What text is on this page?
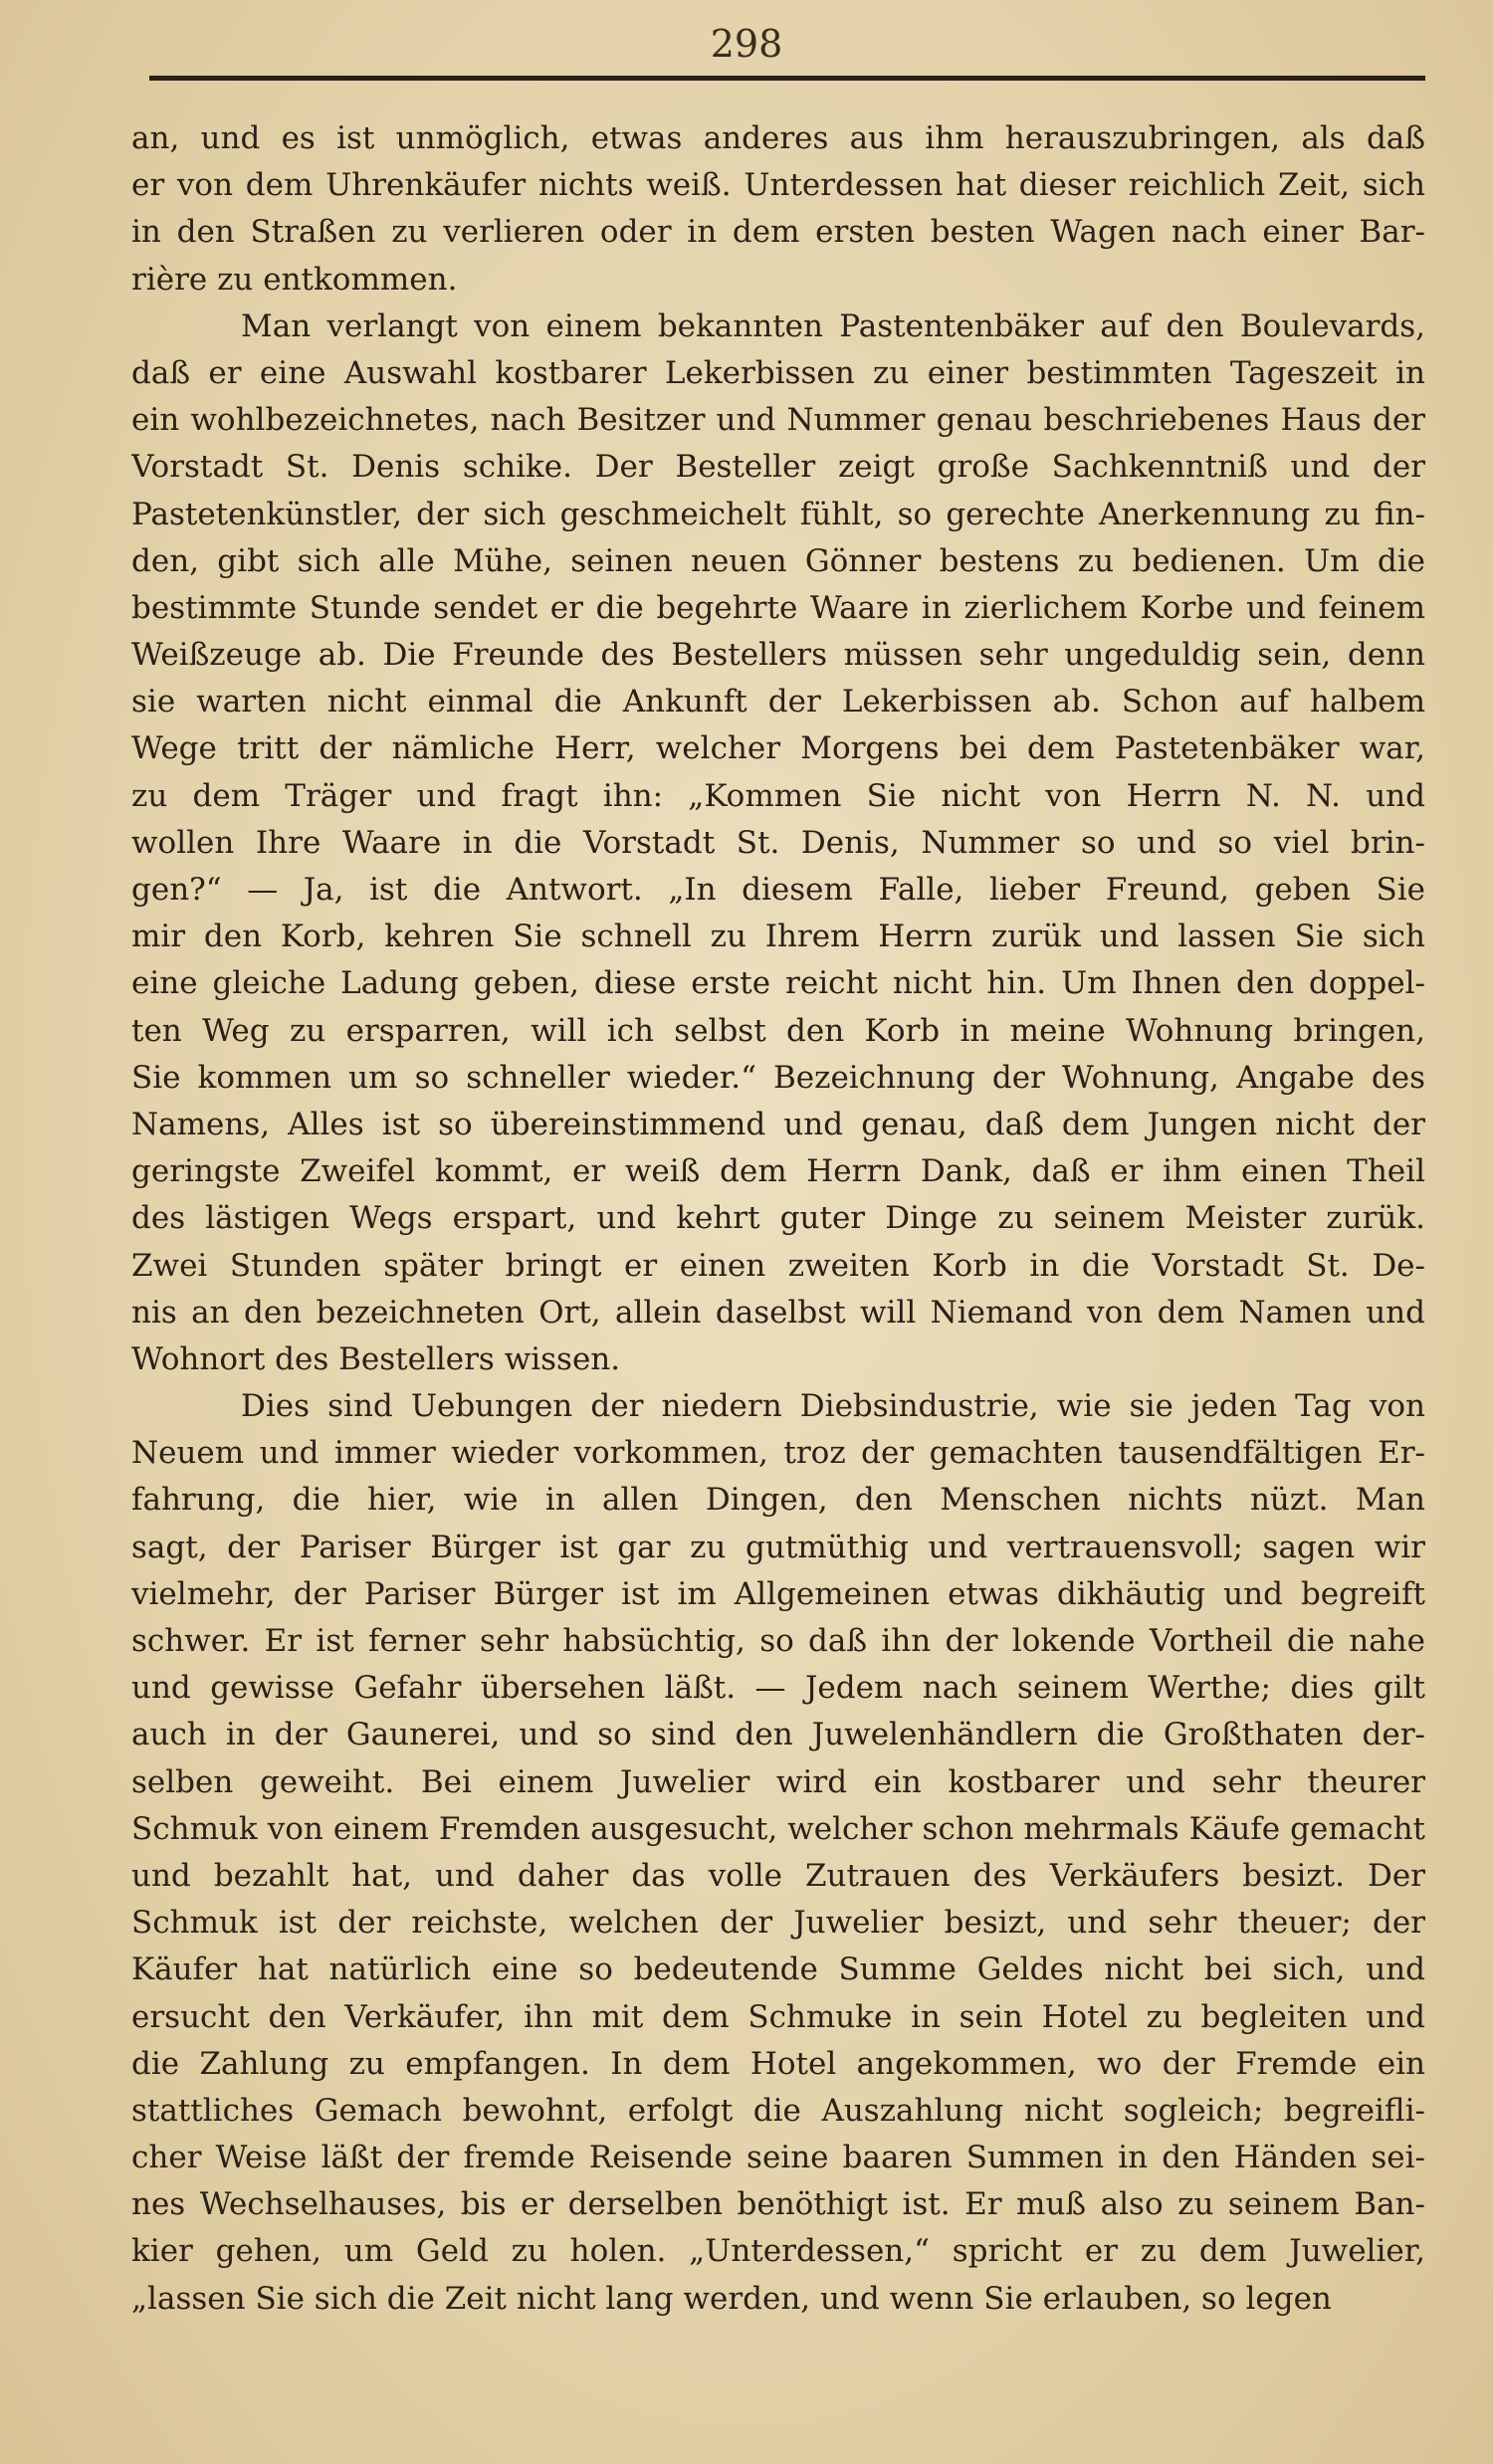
298
an, und es ist unmöglich, etwas anderes aus ihm herauszubringen, als daß
er von dem Uhrenkäufer nichts weiß. Unterdessen hat dieser reichlich Zeit, sich
in den Straßen zu verlieren oder in dem ersten besten Wagen nach einer Bar-
rière zu entkommen.
Man verlangt von einem bekannten Pastentenbäker auf den Boulevards,
daß er eine Auswahl kostbarer Lekerbissen zu einer bestimmten Tageszeit in
ein wohlbezeichnetes, nach Besitzer und Nummer genau beschriebenes Haus der
Vorstadt St. Denis schike. Der Besteller zeigt große Sachkenntniß und der
Pastetenkünstler, der sich geschmeichelt fühlt, so gerechte Anerkennung zu fin-
den, gibt sich alle Mühe, seinen neuen Gönner bestens zu bedienen. Um die
bestimmte Stunde sendet er die begehrte Waare in zierlichem Korbe und feinem
Weißzeuge ab. Die Freunde des Bestellers müssen sehr ungeduldig sein, denn
sie warten nicht einmal die Ankunft der Lekerbissen ab. Schon auf halbem
Wege tritt der nämliche Herr, welcher Morgens bei dem Pastetenbäker war,
zu dem Träger und fragt ihn: „Kommen Sie nicht von Herrn N. N. und
wollen Ihre Waare in die Vorstadt St. Denis, Nummer so und so viel brin-
gen?“ — Ja, ist die Antwort. „In diesem Falle, lieber Freund, geben Sie
mir den Korb, kehren Sie schnell zu Ihrem Herrn zurük und lassen Sie sich
eine gleiche Ladung geben, diese erste reicht nicht hin. Um Ihnen den doppel-
ten Weg zu ersparren, will ich selbst den Korb in meine Wohnung bringen,
Sie kommen um so schneller wieder.“ Bezeichnung der Wohnung, Angabe des
Namens, Alles ist so übereinstimmend und genau, daß dem Jungen nicht der
geringste Zweifel kommt, er weiß dem Herrn Dank, daß er ihm einen Theil
des lästigen Wegs erspart, und kehrt guter Dinge zu seinem Meister zurük.
Zwei Stunden später bringt er einen zweiten Korb in die Vorstadt St. De-
nis an den bezeichneten Ort, allein daselbst will Niemand von dem Namen und
Wohnort des Bestellers wissen.
Dies sind Uebungen der niedern Diebsindustrie, wie sie jeden Tag von
Neuem und immer wieder vorkommen, troz der gemachten tausendfältigen Er-
fahrung, die hier, wie in allen Dingen, den Menschen nichts nüzt. Man
sagt, der Pariser Bürger ist gar zu gutmüthig und vertrauensvoll; sagen wir
vielmehr, der Pariser Bürger ist im Allgemeinen etwas dikhäutig und begreift
schwer. Er ist ferner sehr habsüchtig, so daß ihn der lokende Vortheil die nahe
und gewisse Gefahr übersehen läßt. — Jedem nach seinem Werthe; dies gilt
auch in der Gaunerei, und so sind den Juwelenhändlern die Großthaten der-
selben geweiht. Bei einem Juwelier wird ein kostbarer und sehr theurer
Schmuk von einem Fremden ausgesucht, welcher schon mehrmals Käufe gemacht
und bezahlt hat, und daher das volle Zutrauen des Verkäufers besizt. Der
Schmuk ist der reichste, welchen der Juwelier besizt, und sehr theuer; der
Käufer hat natürlich eine so bedeutende Summe Geldes nicht bei sich, und
ersucht den Verkäufer, ihn mit dem Schmuke in sein Hotel zu begleiten und
die Zahlung zu empfangen. In dem Hotel angekommen, wo der Fremde ein
stattliches Gemach bewohnt, erfolgt die Auszahlung nicht sogleich; begreifli-
cher Weise läßt der fremde Reisende seine baaren Summen in den Händen sei-
nes Wechselhauses, bis er derselben benöthigt ist. Er muß also zu seinem Ban-
kier gehen, um Geld zu holen. „Unterdessen,“ spricht er zu dem Juwelier,
„lassen Sie sich die Zeit nicht lang werden, und wenn Sie erlauben, so legen
